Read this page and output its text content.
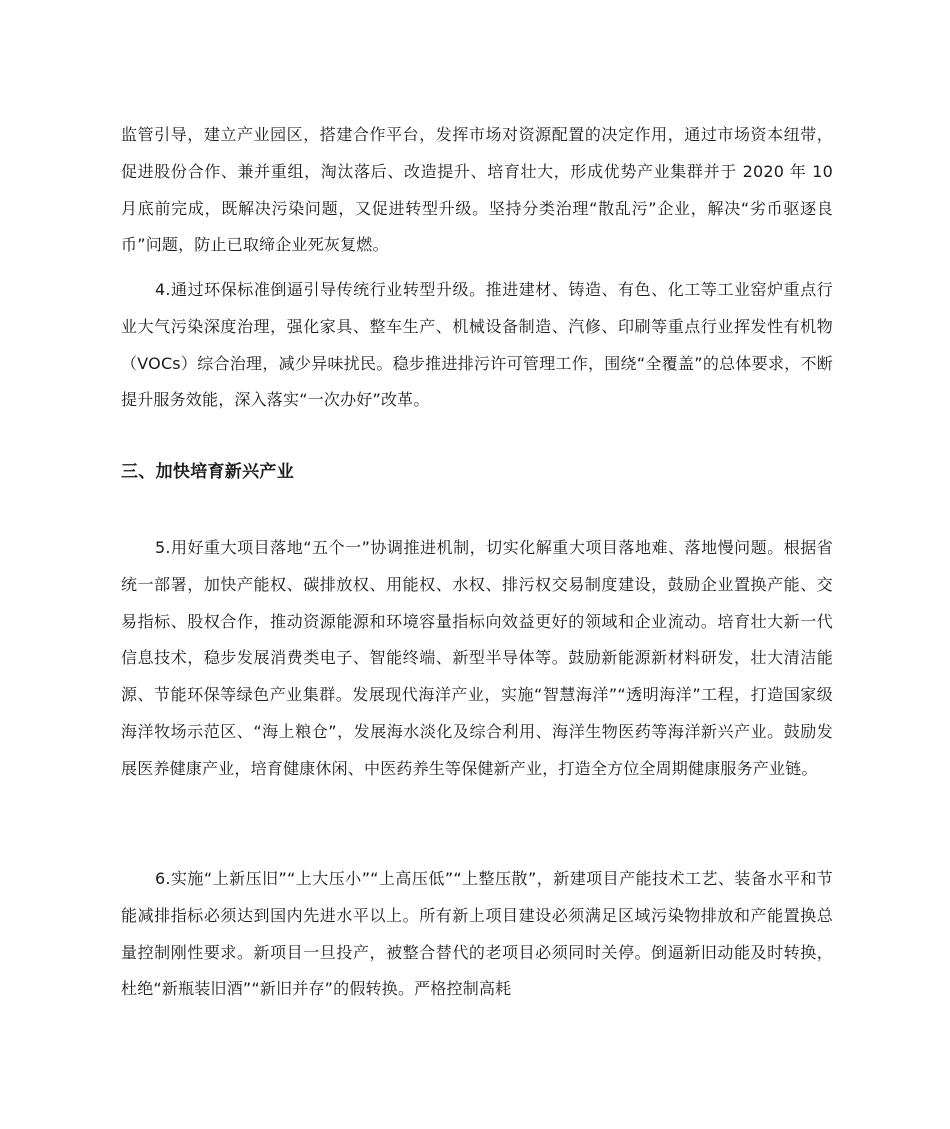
监管引导，建立产业园区，搭建合作平台，发挥市场对资源配置的决定作用，通过市场资本纽带，促进股份合作、兼并重组，淘汰落后、改造提升、培育壮大，形成优势产业集群并于 2020 年 10 月底前完成，既解决污染问题，又促进转型升级。坚持分类治理“散乱污”企业，解决“劣币驱逐良币”问题，防止已取缔企业死灰复燃。

4.通过环保标准倒逼引导传统行业转型升级。推进建材、铸造、有色、化工等工业窑炉重点行业大气污染深度治理，强化家具、整车生产、机械设备制造、汽修、印刷等重点行业挥发性有机物（VOCs）综合治理，减少异味扰民。稳步推进排污许可管理工作，围绕“全覆盖”的总体要求，不断提升服务效能，深入落实“一次办好”改革。

三、加快培育新兴产业

5.用好重大项目落地“五个一”协调推进机制，切实化解重大项目落地难、落地慢问题。根据省统一部署，加快产能权、碳排放权、用能权、水权、排污权交易制度建设，鼓励企业置换产能、交易指标、股权合作，推动资源能源和环境容量指标向效益更好的领域和企业流动。培育壮大新一代信息技术，稳步发展消费类电子、智能终端、新型半导体等。鼓励新能源新材料研发，壮大清洁能源、节能环保等绿色产业集群。发展现代海洋产业，实施“智慧海洋”“透明海洋”工程，打造国家级海洋牧场示范区、“海上粮仓”，发展海水淡化及综合利用、海洋生物医药等海洋新兴产业。鼓励发展医养健康产业，培育健康休闲、中医药养生等保健新产业，打造全方位全周期健康服务产业链。

6.实施“上新压旧”“上大压小”“上高压低”“上整压散”，新建项目产能技术工艺、装备水平和节能减排指标必须达到国内先进水平以上。所有新上项目建设必须满足区域污染物排放和产能置换总量控制刚性要求。新项目一旦投产，被整合替代的老项目必须同时关停。倒逼新旧动能及时转换，杜绝“新瓶装旧酒”“新旧并存”的假转换。严格控制高耗
